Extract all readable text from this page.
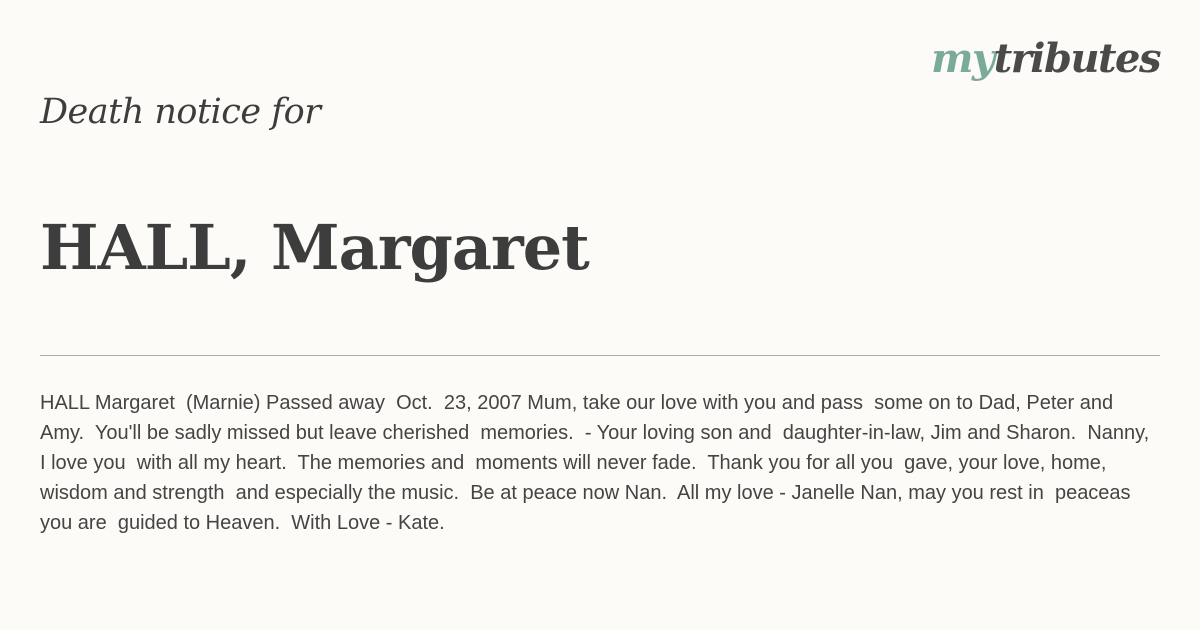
mytributes
Death notice for
HALL, Margaret

HALL Margaret  (Marnie) Passed away  Oct.  23, 2007 Mum, take our love with you and pass  some on to Dad, Peter and Amy.  You'll be sadly missed but leave cherished  memories.  - Your loving son and  daughter-in-law, Jim and Sharon.  Nanny, I love you  with all my heart.  The memories and  moments will never fade.  Thank you for all you  gave, your love, home,  wisdom and strength  and especially the music.  Be at peace now Nan.  All my love - Janelle Nan, may you rest in  peaceas you are  guided to Heaven.  With Love - Kate.
